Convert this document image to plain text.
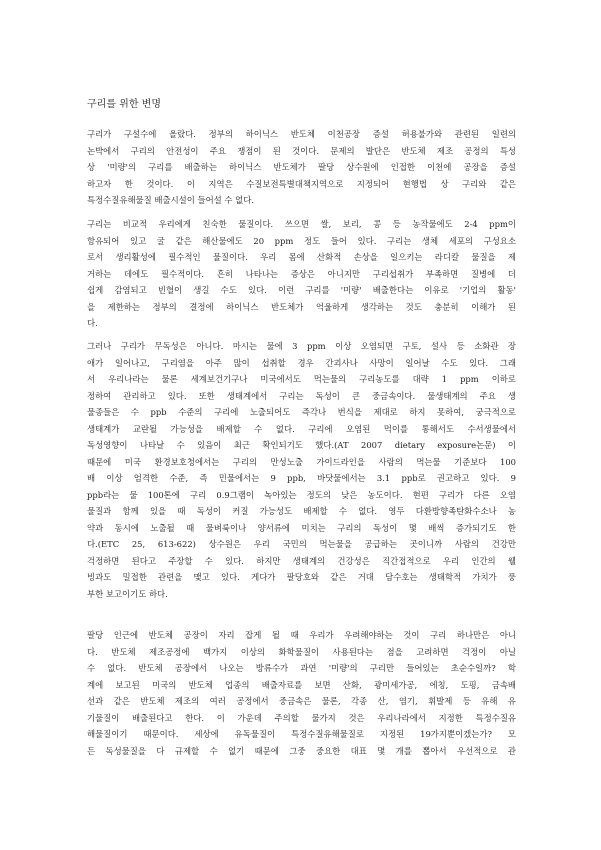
구리를 위한 변명

구리가 구설수에 올랐다. 정부의 하이닉스 반도체 이천공장 증설 허용불가와 관련된 일련의
논박에서 구리의 안전성이 주요 쟁점이 된 것이다. 문제의 발단은 반도체 제조 공정의 특성
상 '미량'의 구리를 배출하는 하이닉스 반도체가 팔당 상수원에 인접한 이천에 공장을 증설
하고자 한 것이다. 이 지역은 수질보전특별대책지역으로 지정되어 현행법 상 구리와 같은
특정수질유해물질 배출시설이 들어설 수 없다.

구리는 비교적 우리에게 친숙한 물질이다. 쓰으면 쌀, 보리, 콩 등 농작물에도 2-4 ppm이
함유되어 있고 굴 같은 해산물에도 20 ppm 정도 들어 있다. 구리는 생체 세포의 구성요소
로서 생리활성에 필수적인 물질이다. 우리 몸에 산화적 손상을 일으키는 라디칼 물질을 제
거하는 데에도 필수적이다. 흔히 나타나는 증상은 아니지만 구리섭취가 부족하면 질병에 더
쉽게 감염되고 빈혈이 생길 수도 있다. 이런 구리를 '미량' 배출한다는 이유로 '기업의 활동'
을 제한하는 정부의 결정에 하이닉스 반도체가 억울하게 생각하는 것도 충분히 이해가 된
다.

그러나 구리가 무독성은 아니다. 마시는 물에 3 ppm 이상 오염되면 구토, 설사 등 소화관 장
애가 일어나고, 구리염을 아주 많이 섭취할 경우 간괴사나 사망이 일어날 수도 있다. 그래
서 우리나라는 물론 세계보건기구나 미국에서도 먹는물의 구리농도를 대략 1 ppm 이하로
정하여 관리하고 있다. 또한 생태계에서 구리는 독성이 큰 중금속이다. 물생태계의 주요 생
물종들은 수 ppb 수준의 구리에 노출되어도 즉각나 번식을 제대로 하지 못하여, 궁극적으로
생태계가 교란될 가능성을 배제할 수 없다. 구리에 오염된 먹이를 통해서도 수서생물에서
독성영향이 나타날 수 있음이 최근 확인되기도 했다.(AT 2007 dietary exposure논문) 이
때문에 미국 환경보호청에서는 구리의 만성노출 가이드라인을 사람의 먹는물 기준보다 100
배 이상 엄격한 수준, 즉 민물에서는 9 ppb, 바닷물에서는 3.1 ppb로 권고하고 있다. 9
ppb라는 물 100톤에 구리 0.9그램이 녹아있는 정도의 낮은 농도이다. 현편 구리가 다른 오염
물질과 함께 있을 때 독성이 커질 가능성도 배제할 수 없다. 영두 다환방향족탄화수소나 농
약과 동시에 노출될 때 물벼룩이나 양서류에 미치는 구리의 독성이 몇 배씩 증가되기도 한
다.(ETC 25, 613-622) 상수원은 우리 국민의 먹는물을 공급하는 곳이니까 사람의 건강만
걱정하면 된다고 주장할 수 있다. 하지만 생태계의 건강성은 직간접적으로 우리 인간의 웰
빙과도 밀접한 관련을 맺고 있다. 게다가 팔당호와 같은 거대 담수호는 생태학적 가치가 풍
부한 보고이기도 하다.

팔당 인근에 반도체 공장이 자리 잡게 될 때 우리가 우려해야하는 것이 구리 하나만은 아니
다. 반도체 제조공정에 백가지 이상의 화학물질이 사용된다는 점을 고려하면 걱정이 아닐
수 없다. 반도체 공장에서 나오는 방류수가 과연 '미량'의 구리만 들어있는 초순수일까? 학
계에 보고된 미국의 반도체 업종의 배출자료를 보면 산화, 광미세가공, 에칭, 도핑, 금속배
선과 같은 반도체 제조의 여러 공정에서 중금속은 물론, 각종 산, 염기, 휘발제 등 유해 유
기물질이 배출된다고 한다. 이 가운데 주의할 물가지 것은 우리나라에서 지정한 특정수질유
해물질이기 때문이다. 세상에 유독물질이 특정수질유해물질로 지정된 19가지뿐이겠는가? 모
든 독성물질을 다 규제할 수 없기 때문에 그중 중요한 대표 몇 개를 뽑아서 우선적으로 관
